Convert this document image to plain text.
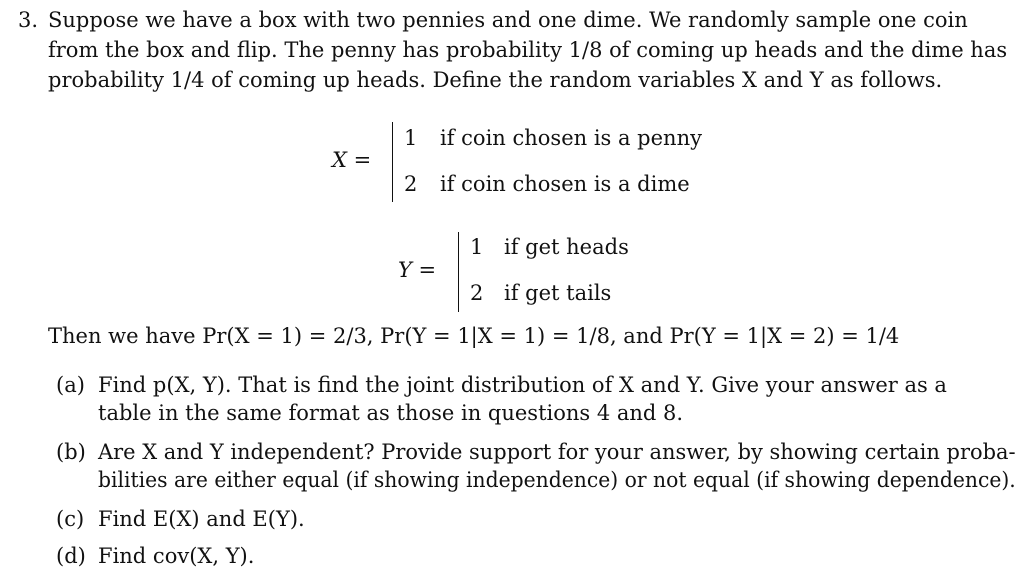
3. Suppose we have a box with two pennies and one dime. We randomly sample one coin
from the box and flip. The penny has probability 1/8 of coming up heads and the dime has
probability 1/4 of coming up heads. Define the random variables X and Y as follows.
X =
1 if coin chosen is a penny
2 if coin chosen is a dime
Y =
1 if get heads
2 if get tails
Then we have Pr(X = 1) = 2/3, Pr(Y = 1|X = 1) = 1/8, and Pr(Y = 1|X = 2) = 1/4
(a) Find p(X, Y). That is find the joint distribution of X and Y. Give your answer as a
table in the same format as those in questions 4 and 8.
(b) Are X and Y independent? Provide support for your answer, by showing certain proba-
bilities are either equal (if showing independence) or not equal (if showing dependence).
(c) Find E(X) and E(Y).
(d) Find cov(X, Y).
